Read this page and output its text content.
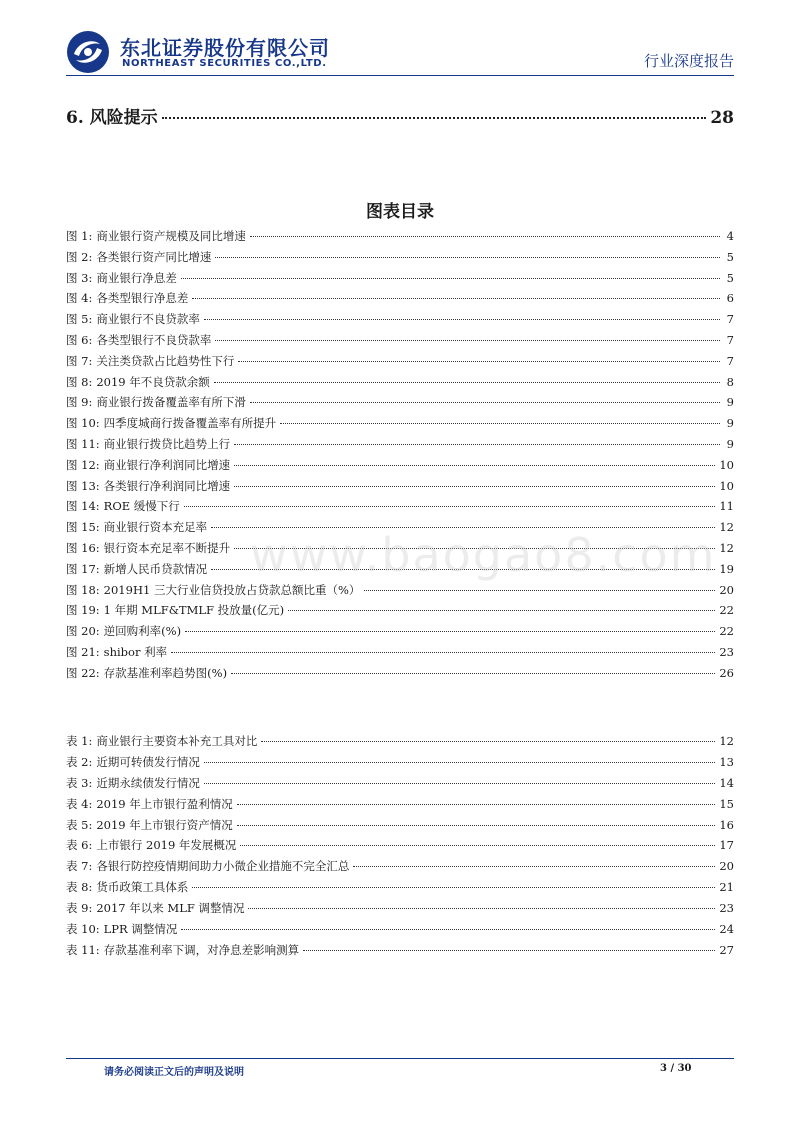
东北证券股份有限公司
NORTHEAST SECURITIES CO.,LTD.	行业深度报告
6. 风险提示	28
图表目录
图 1: 商业银行资产规模及同比增速	4
图 2: 各类银行资产同比增速	5
图 3: 商业银行净息差	5
图 4: 各类型银行净息差	6
图 5: 商业银行不良贷款率	7
图 6: 各类型银行不良贷款率	7
图 7: 关注类贷款占比趋势性下行	7
图 8: 2019 年不良贷款余额	8
图 9: 商业银行拨备覆盖率有所下滑	9
图 10: 四季度城商行拨备覆盖率有所提升	9
图 11: 商业银行拨贷比趋势上行	9
图 12: 商业银行净利润同比增速	10
图 13: 各类银行净利润同比增速	10
图 14: ROE 缓慢下行	11
图 15: 商业银行资本充足率	12
图 16: 银行资本充足率不断提升	12
图 17: 新增人民币贷款情况	19
图 18: 2019H1 三大行业信贷投放占贷款总额比重（%）	20
图 19: 1 年期 MLF&TMLF 投放量(亿元)	22
图 20: 逆回购利率(%)	22
图 21: shibor 利率	23
图 22: 存款基准利率趋势图(%)	26
表 1: 商业银行主要资本补充工具对比	12
表 2: 近期可转债发行情况	13
表 3: 近期永续债发行情况	14
表 4: 2019 年上市银行盈利情况	15
表 5: 2019 年上市银行资产情况	16
表 6: 上市银行 2019 年发展概况	17
表 7: 各银行防控疫情期间助力小微企业措施不完全汇总	20
表 8: 货币政策工具体系	21
表 9: 2017 年以来 MLF 调整情况	23
表 10: LPR 调整情况	24
表 11: 存款基准利率下调，对净息差影响测算	27
www.baogao8.com
请务必阅读正文后的声明及说明	3 / 30
